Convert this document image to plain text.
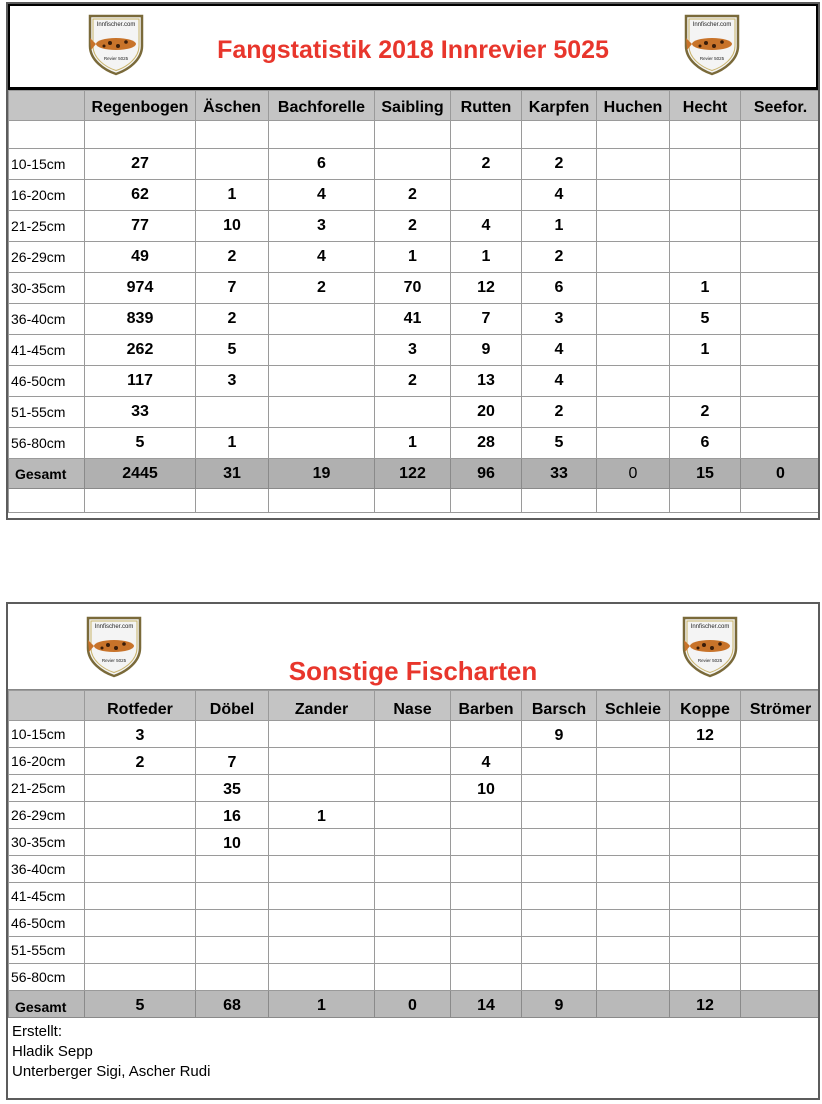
Innfischer.com
Revier 5025	Fangstatistik 2018 Innrevier 5025
Innfischer.com
Revier 5025
	Regenbogen	Äschen	Bachforelle	Saibling	Rutten	Karpfen	Huchen	Hecht	Seefor.

10-15cm	27		6		2	2			
16-20cm	62	1	4	2		4			
21-25cm	77	10	3	2	4	1			
26-29cm	49	2	4	1	1	2			
30-35cm	974	7	2	70	12	6		1	
36-40cm	839	2		41	7	3		5	
41-45cm	262	5		3	9	4		1	
46-50cm	117	3		2	13	4			
51-55cm	33				20	2		2	
56-80cm	5	1		1	28	5		6	
Gesamt	2445	31	19	122	96	33	0	15	0

Innfischer.com
Revier 5025	Sonstige Fischarten
Innfischer.com
Revier 5025
	Rotfeder	Döbel	Zander	Nase	Barben	Barsch	Schleie	Koppe	Strömer
10-15cm	3					9		12	
16-20cm	2	7			4				
21-25cm		35			10				
26-29cm		16	1						
30-35cm		10							
36-40cm									
41-45cm									
46-50cm									
51-55cm									
56-80cm									
Gesamt	5	68	1	0	14	9		12	
Erstellt:
Hladik Sepp
Unterberger Sigi, Ascher Rudi
